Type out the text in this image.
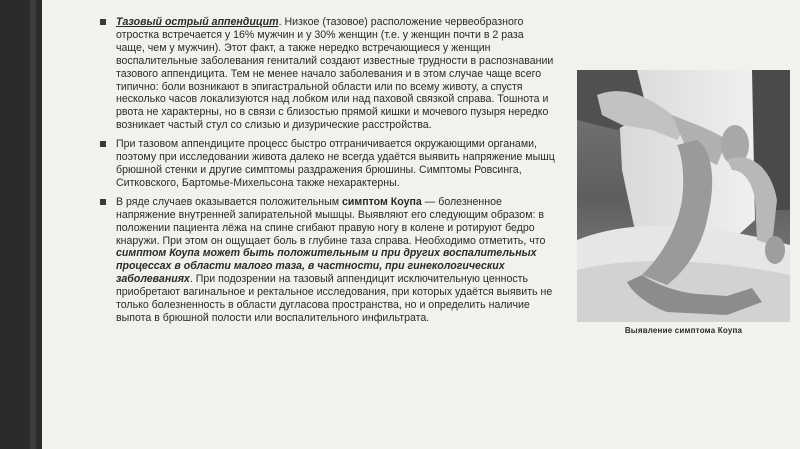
Тазовый острый аппендицит. Низкое (тазовое) расположение червеобразного отростка встречается у 16% мужчин и у 30% женщин (т.е. у женщин почти в 2 раза чаще, чем у мужчин). Этот факт, а также нередко встречающиеся у женщин воспалительные заболевания гениталий создают известные трудности в распознавании тазового аппендицита. Тем не менее начало заболевания и в этом случае чаще всего типично: боли возникают в эпигастральной области или по всему животу, а спустя несколько часов локализуются над лобком или над паховой связкой справа. Тошнота и рвота не характерны, но в связи с близостью прямой кишки и мочевого пузыря нередко возникает частый стул со слизью и дизурические расстройства.

При тазовом аппендиците процесс быстро отграничивается окружающими органами, поэтому при исследовании живота далеко не всегда удаётся выявить напряжение мышц брюшной стенки и другие симптомы раздражения брюшины. Симптомы Ровсинга, Ситковского, Бартомье-Михельсона также нехарактерны.

В ряде случаев оказывается положительным симптом Коупа — болезненное напряжение внутренней запирательной мышцы. Выявляют его следующим образом: в положении пациента лёжа на спине сгибают правую ногу в колене и ротируют бедро кнаружи. При этом он ощущает боль в глубине таза справа. Необходимо отметить, что симптом Коупа может быть положительным и при других воспалительных процессах в области малого таза, в частности, при гинекологических заболеваниях. При подозрении на тазовый аппендицит исключительную ценность приобретают вагинальное и ректальное исследования, при которых удаётся выявить не только болезненность в области дугласова пространства, но и определить наличие выпота в брюшной полости или воспалительного инфильтрата.

Выявление симптома Коупа
